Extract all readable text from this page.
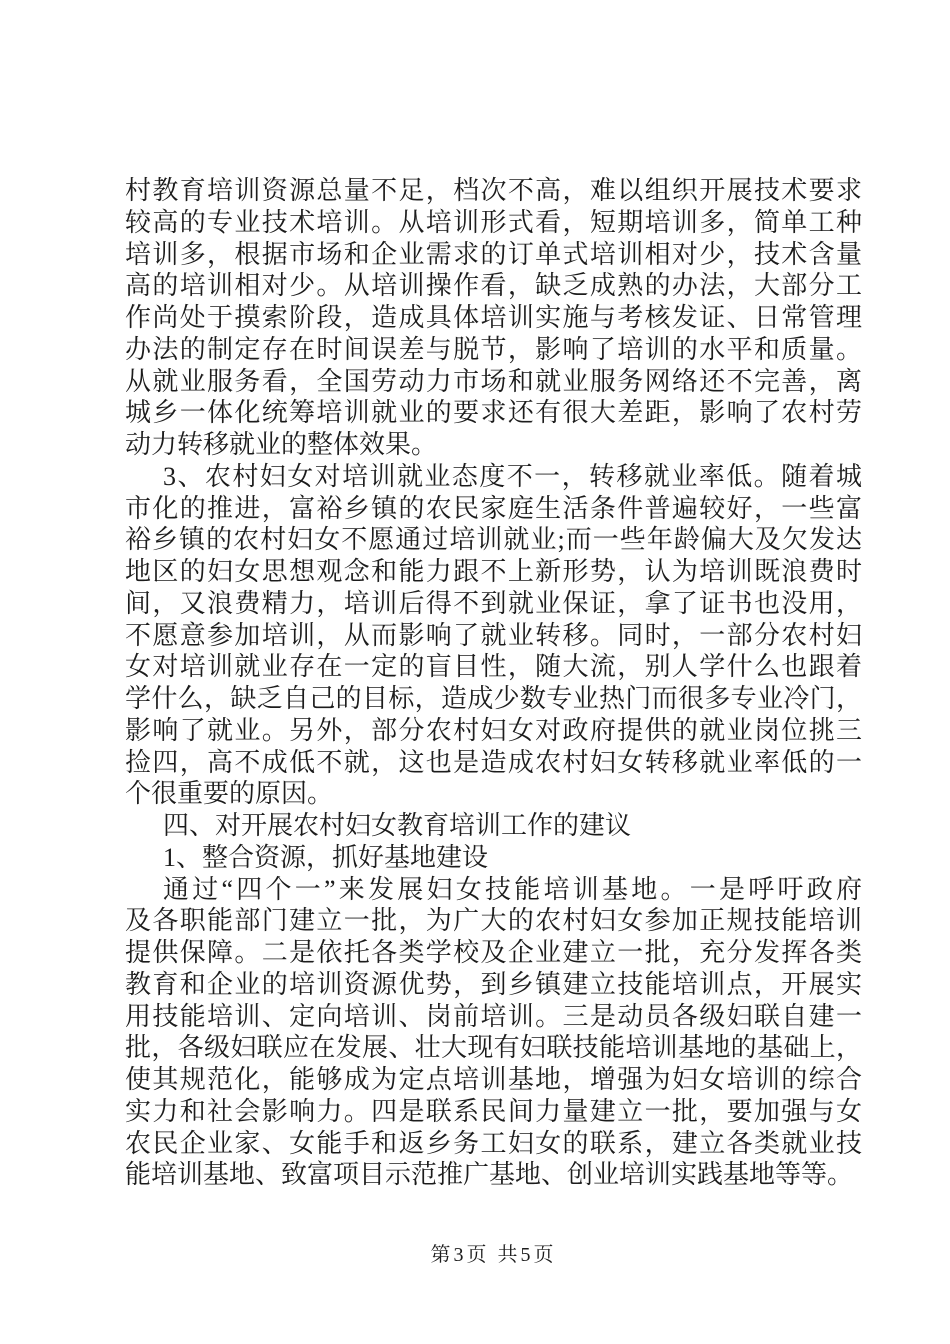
村教育培训资源总量不足，档次不高，难以组织开展技术要求
较高的专业技术培训。从培训形式看，短期培训多，简单工种
培训多，根据市场和企业需求的订单式培训相对少，技术含量
高的培训相对少。从培训操作看，缺乏成熟的办法，大部分工
作尚处于摸索阶段，造成具体培训实施与考核发证、日常管理
办法的制定存在时间误差与脱节，影响了培训的水平和质量。
从就业服务看，全国劳动力市场和就业服务网络还不完善，离
城乡一体化统筹培训就业的要求还有很大差距，影响了农村劳
动力转移就业的整体效果。

3、农村妇女对培训就业态度不一，转移就业率低。随着城
市化的推进，富裕乡镇的农民家庭生活条件普遍较好，一些富
裕乡镇的农村妇女不愿通过培训就业;而一些年龄偏大及欠发达
地区的妇女思想观念和能力跟不上新形势，认为培训既浪费时
间，又浪费精力，培训后得不到就业保证，拿了证书也没用，
不愿意参加培训，从而影响了就业转移。同时，一部分农村妇
女对培训就业存在一定的盲目性，随大流，别人学什么也跟着
学什么，缺乏自己的目标，造成少数专业热门而很多专业冷门，
影响了就业。另外，部分农村妇女对政府提供的就业岗位挑三
捡四，高不成低不就，这也是造成农村妇女转移就业率低的一
个很重要的原因。

四、对开展农村妇女教育培训工作的建议

1、整合资源，抓好基地建设

通过“四个一”来发展妇女技能培训基地。一是呼吁政府
及各职能部门建立一批，为广大的农村妇女参加正规技能培训
提供保障。二是依托各类学校及企业建立一批，充分发挥各类
教育和企业的培训资源优势，到乡镇建立技能培训点，开展实
用技能培训、定向培训、岗前培训。三是动员各级妇联自建一
批，各级妇联应在发展、壮大现有妇联技能培训基地的基础上，
使其规范化，能够成为定点培训基地，增强为妇女培训的综合
实力和社会影响力。四是联系民间力量建立一批，要加强与女
农民企业家、女能手和返乡务工妇女的联系，建立各类就业技
能培训基地、致富项目示范推广基地、创业培训实践基地等等。

第3页 共5页
